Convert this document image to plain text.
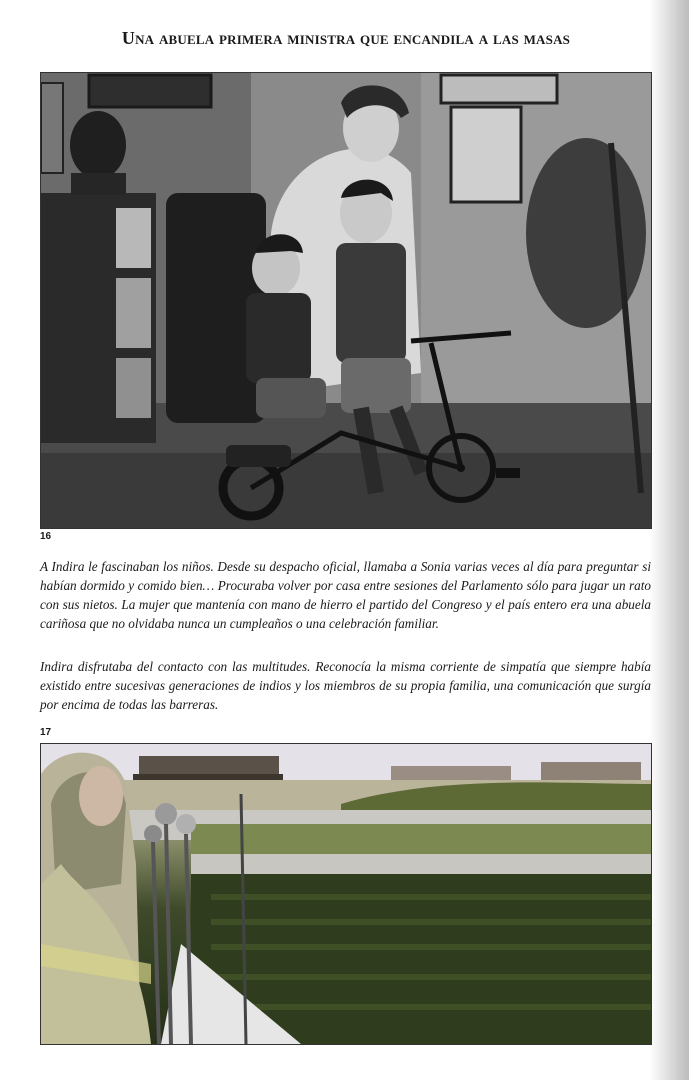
Una abuela primera ministra que encandila a las masas
16

A Indira le fascinaban los niños. Desde su despacho oficial, llamaba a Sonia varias veces al día para preguntar si habían dormido y comido bien… Procuraba volver por casa entre sesiones del Parlamento sólo para jugar un rato con sus nietos. La mujer que mantenía con mano de hierro el partido del Congreso y el país entero era una abuela cariñosa que no olvidaba nunca un cumpleaños o una celebración familiar.

Indira disfrutaba del contacto con las multitudes. Reconocía la misma corriente de simpatía que siempre había existido entre sucesivas generaciones de indios y los miembros de su propia familia, una comunicación que surgía por encima de todas las barreras.

17
